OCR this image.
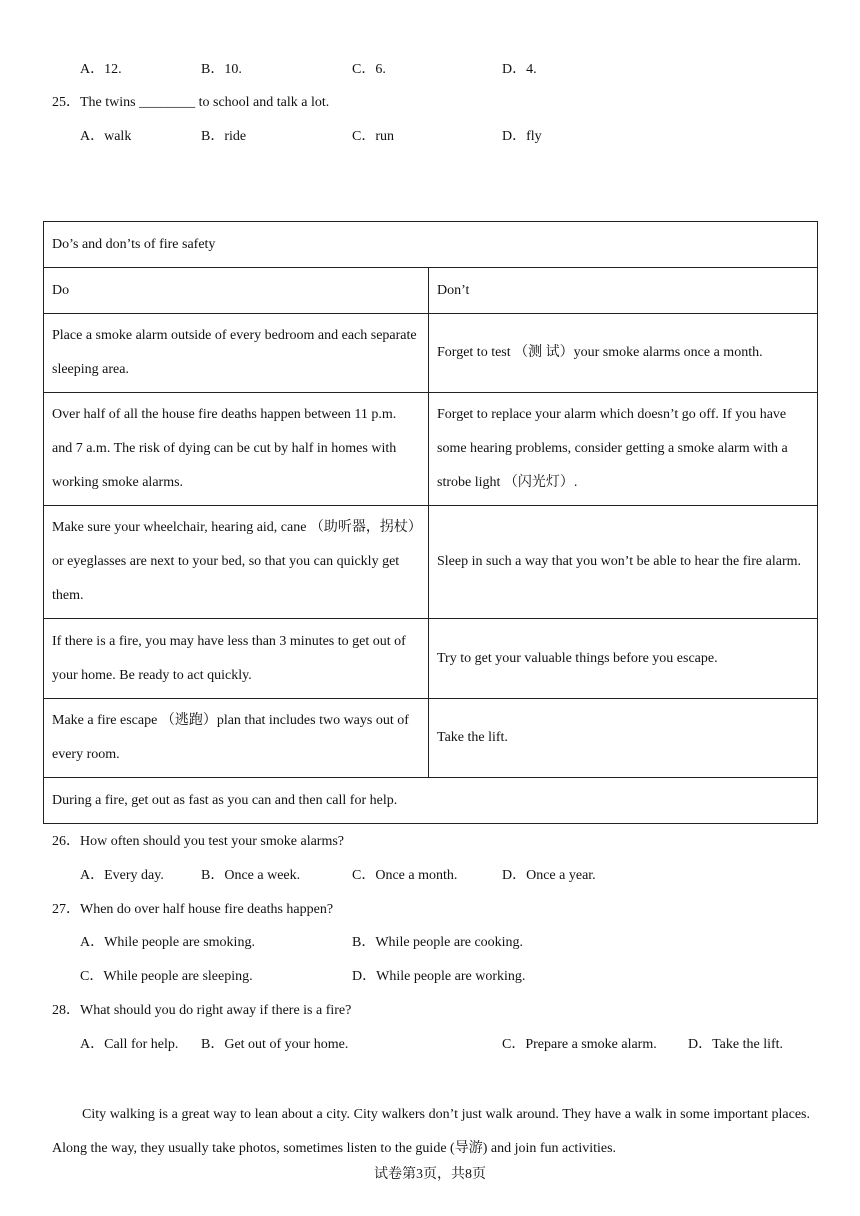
A．12.	B．10.	C．6.	D．4.
25．The twins ________ to school and talk a lot.
A．walk	B．ride	C．run	D．fly
Do’s and don’ts of fire safety	
Do	Don’t
Place a smoke alarm outside of every bedroom and each separate sleeping area.	Forget to test （测 试）your smoke alarms once a month.
Over half of all the house fire deaths happen between 11 p.m. and 7 a.m. The risk of dying can be cut by half in homes with working smoke alarms.	Forget to replace your alarm which doesn’t go off. If you have some hearing problems, consider getting a smoke alarm with a strobe light （闪光灯）.
Make sure your wheelchair, hearing aid, cane （助听器，拐杖）or eyeglasses are next to your bed, so that you can quickly get them.	Sleep in such a way that you won’t be able to hear the fire alarm.
If there is a fire, you may have less than 3 minutes to get out of your home. Be ready to act quickly.	Try to get your valuable things before you escape.
Make a fire escape （逃跑）plan that includes two ways out of every room.	Take the lift.
During a fire, get out as fast as you can and then call for help.	
26．How often should you test your smoke alarms?
A．Every day.	B．Once a week.	C．Once a month.	D．Once a year.
27．When do over half house fire deaths happen?
A．While people are smoking.	B．While people are cooking.
C．While people are sleeping.	D．While people are working.
28．What should you do right away if there is a fire?
A．Call for help. B．Get out of your home.	C．Prepare a smoke alarm. D．Take the lift.
City walking is a great way to lean about a city. City walkers don’t just walk around. They have a walk in some important places. Along the way, they usually take photos, sometimes listen to the guide (导游) and join fun activities.
试卷第3页，共8页
